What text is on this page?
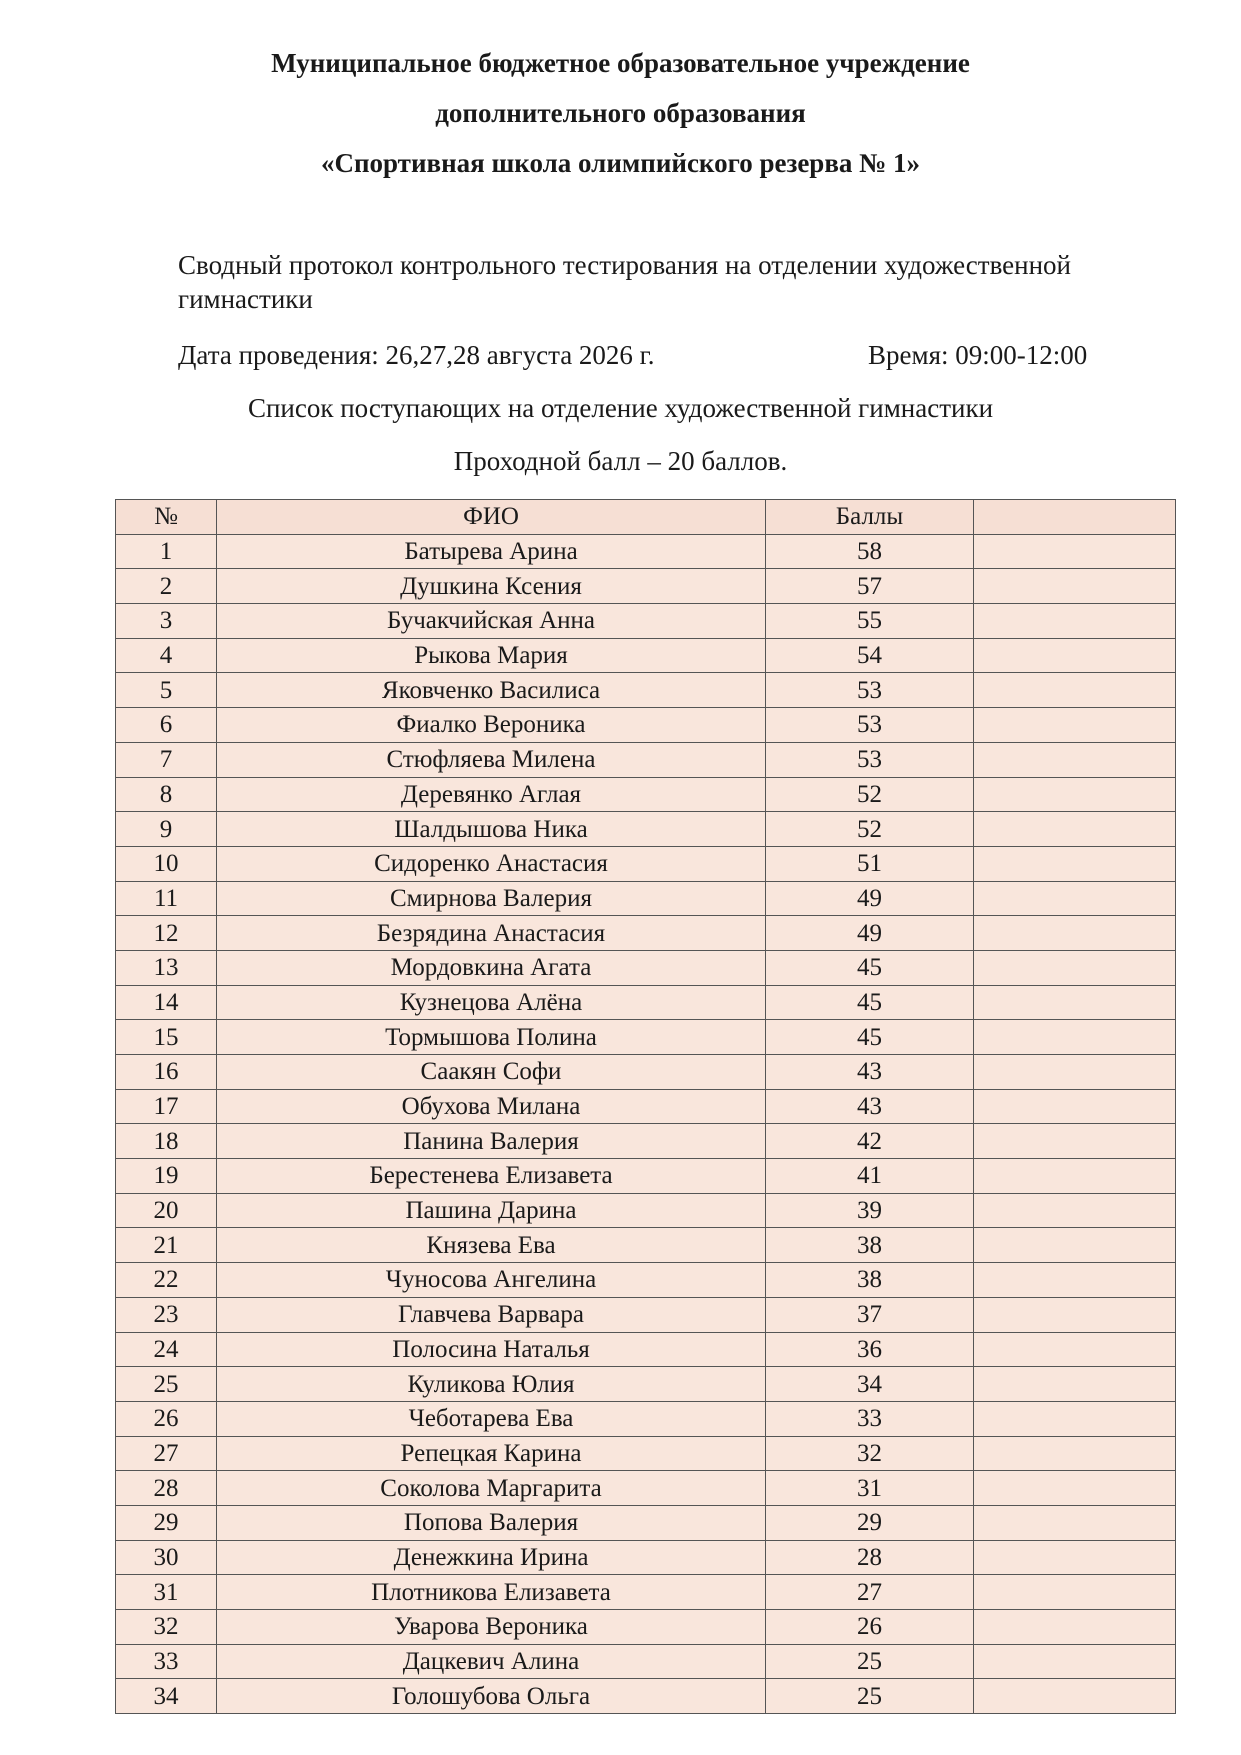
Муниципальное бюджетное образовательное учреждение
дополнительного образования
«Спортивная школа олимпийского резерва № 1»
Сводный протокол контрольного тестирования на отделении художественной гимнастики
Дата проведения: 26,27,28 августа 2026 г.	Время: 09:00-12:00
Список поступающих на отделение художественной гимнастики
Проходной балл – 20 баллов.
№	ФИО	Баллы	
1	Батырева Арина	58	
2	Душкина Ксения	57	
3	Бучакчийская Анна	55	
4	Рыкова Мария	54	
5	Яковченко Василиса	53	
6	Фиалко Вероника	53	
7	Стюфляева Милена	53	
8	Деревянко Аглая	52	
9	Шалдышова Ника	52	
10	Сидоренко Анастасия	51	
11	Смирнова Валерия	49	
12	Безрядина Анастасия	49	
13	Мордовкина Агата	45	
14	Кузнецова Алёна	45	
15	Тормышова Полина	45	
16	Саакян Софи	43	
17	Обухова Милана	43	
18	Панина Валерия	42	
19	Берестенева Елизавета	41	
20	Пашина Дарина	39	
21	Князева Ева	38	
22	Чуносова Ангелина	38	
23	Главчева Варвара	37	
24	Полосина Наталья	36	
25	Куликова Юлия	34	
26	Чеботарева Ева	33	
27	Репецкая Карина	32	
28	Соколова Маргарита	31	
29	Попова Валерия	29	
30	Денежкина Ирина	28	
31	Плотникова Елизавета	27	
32	Уварова Вероника	26	
33	Дацкевич Алина	25	
34	Голошубова Ольга	25	
